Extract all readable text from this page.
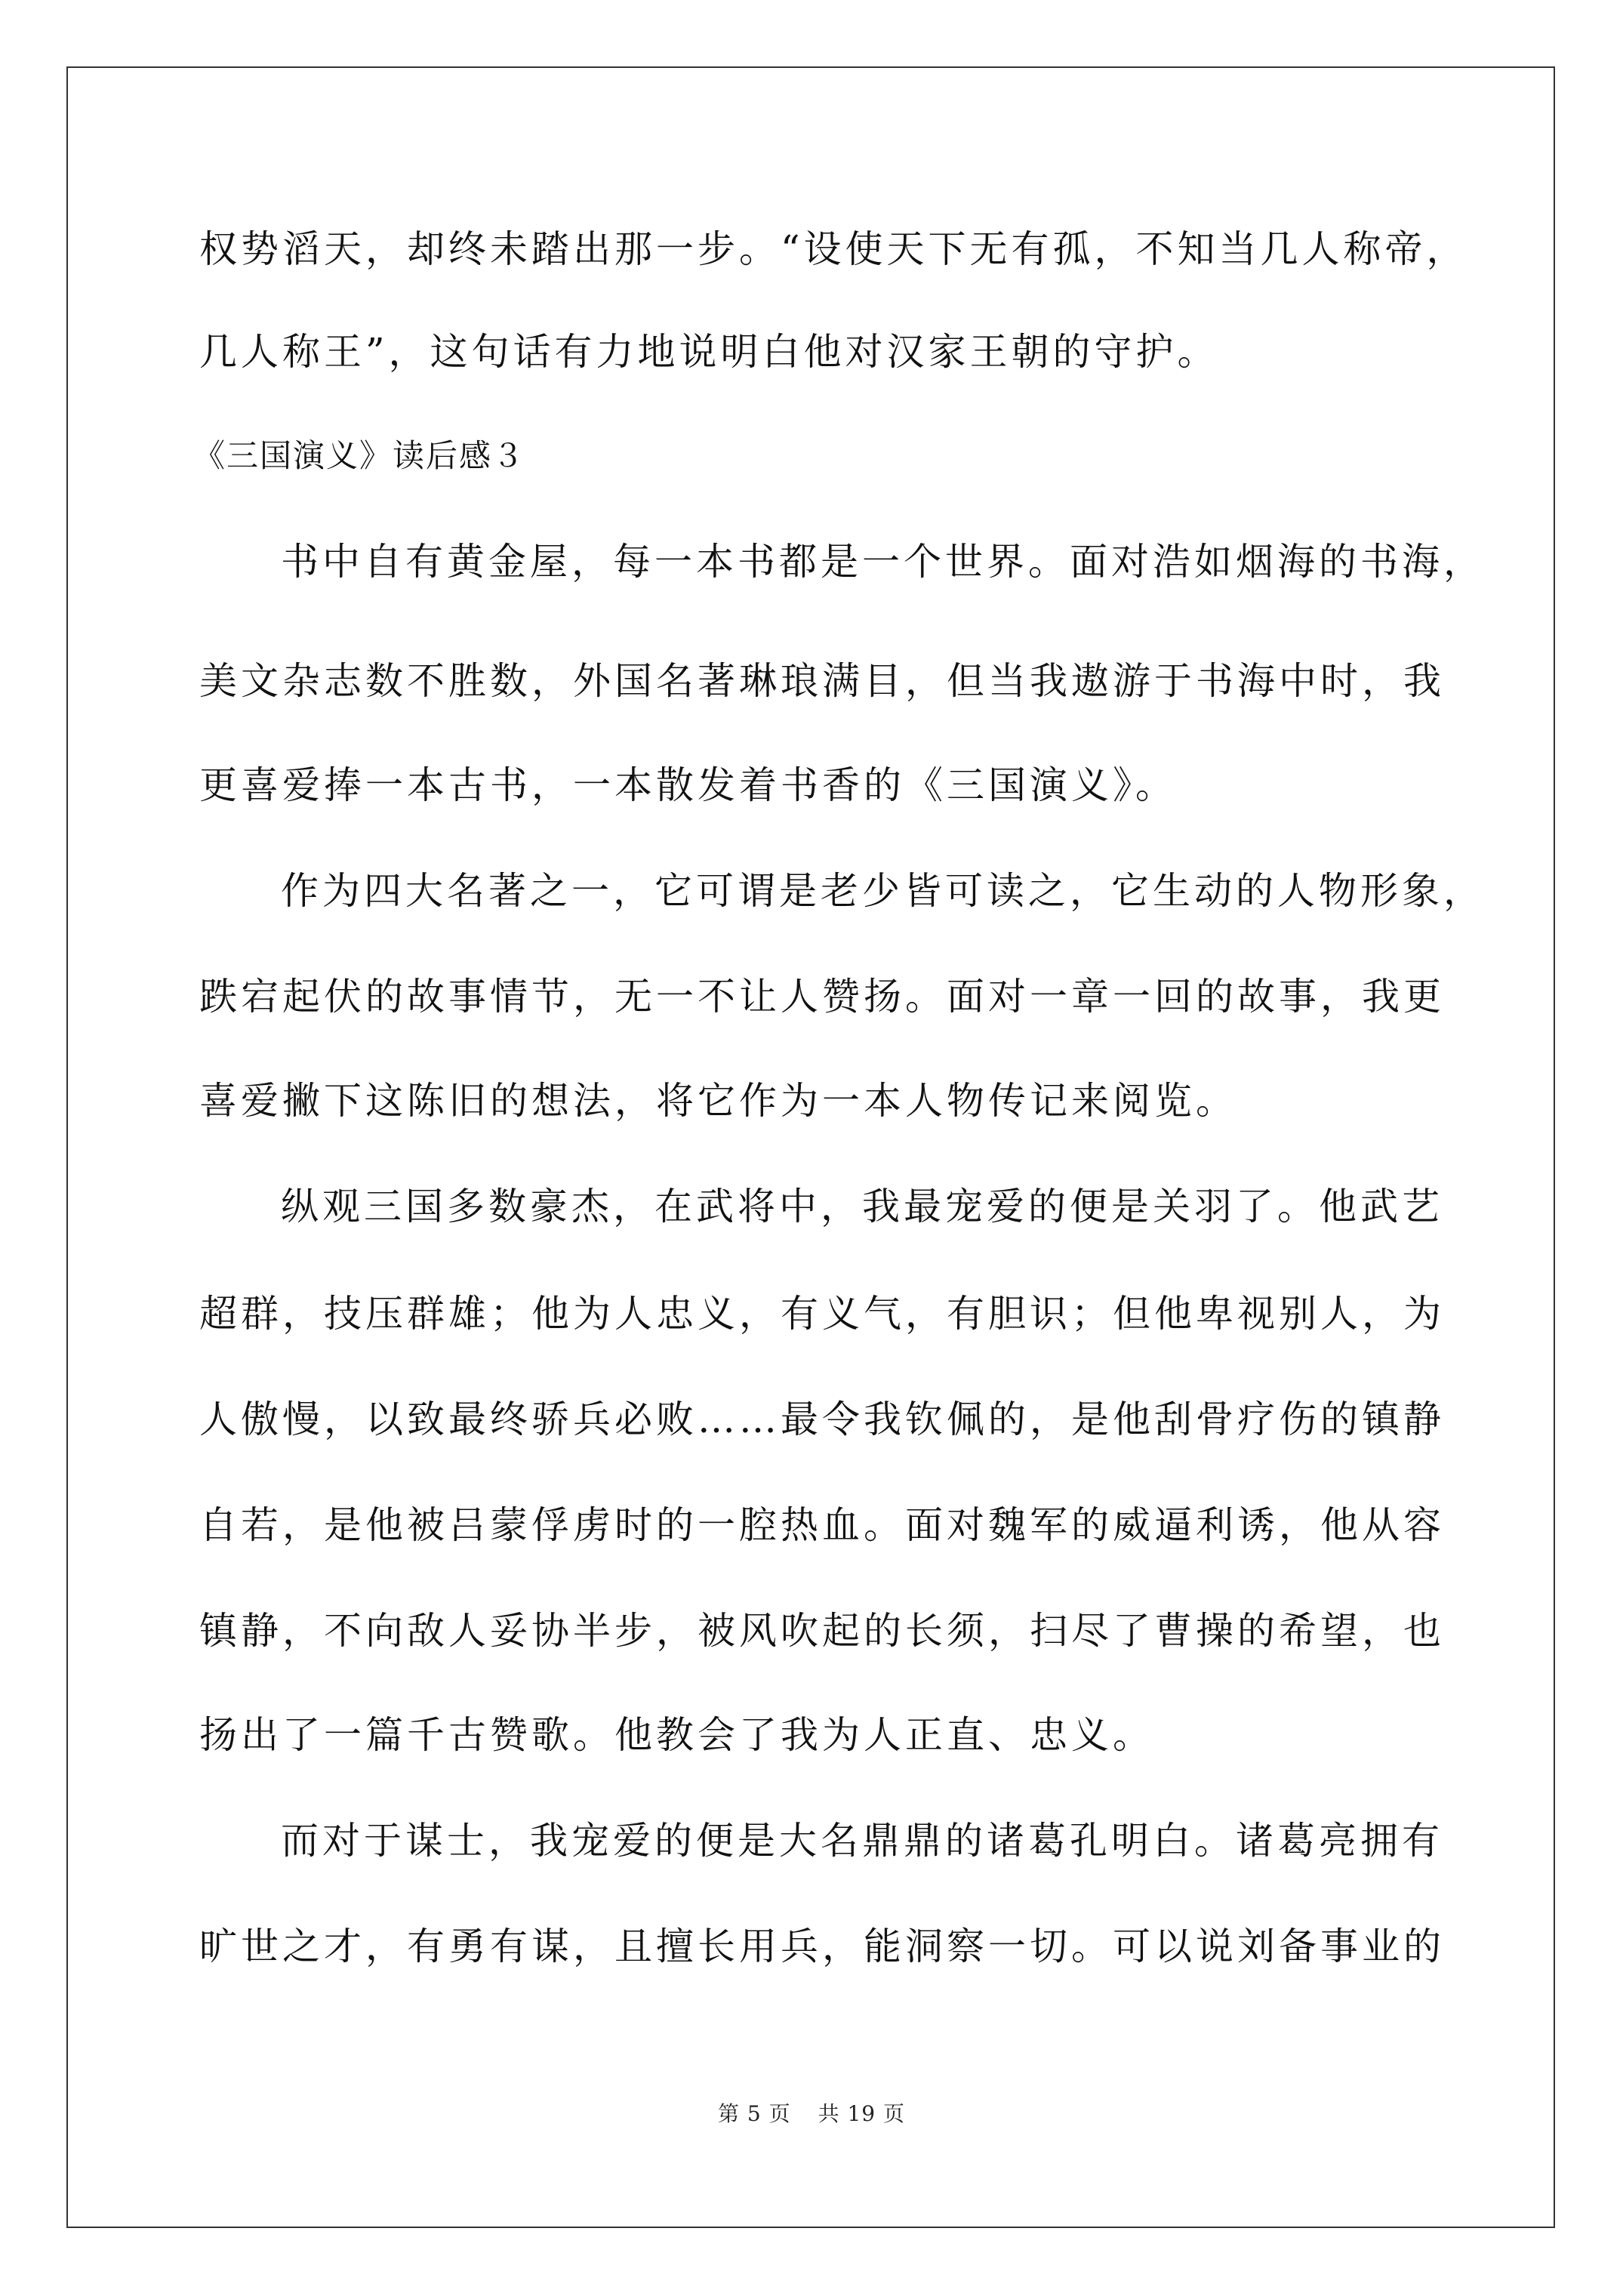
权势滔天，却终未踏出那一步。“设使天下无有孤，不知当几人称帝，
几人称王”，这句话有力地说明白他对汉家王朝的守护。
《三国演义》读后感３
书中自有黄金屋，每一本书都是一个世界。面对浩如烟海的书海，
美文杂志数不胜数，外国名著琳琅满目，但当我遨游于书海中时，我
更喜爱捧一本古书，一本散发着书香的《三国演义》。
作为四大名著之一，它可谓是老少皆可读之，它生动的人物形象，
跌宕起伏的故事情节，无一不让人赞扬。面对一章一回的故事，我更
喜爱撇下这陈旧的想法，将它作为一本人物传记来阅览。
纵观三国多数豪杰，在武将中，我最宠爱的便是关羽了。他武艺
超群，技压群雄；他为人忠义，有义气，有胆识；但他卑视别人，为
人傲慢，以致最终骄兵必败……最令我钦佩的，是他刮骨疗伤的镇静
自若，是他被吕蒙俘虏时的一腔热血。面对魏军的威逼利诱，他从容
镇静，不向敌人妥协半步，被风吹起的长须，扫尽了曹操的希望，也
扬出了一篇千古赞歌。他教会了我为人正直、忠义。
而对于谋士，我宠爱的便是大名鼎鼎的诸葛孔明白。诸葛亮拥有
旷世之才，有勇有谋，且擅长用兵，能洞察一切。可以说刘备事业的
第 5 页 共 19 页
